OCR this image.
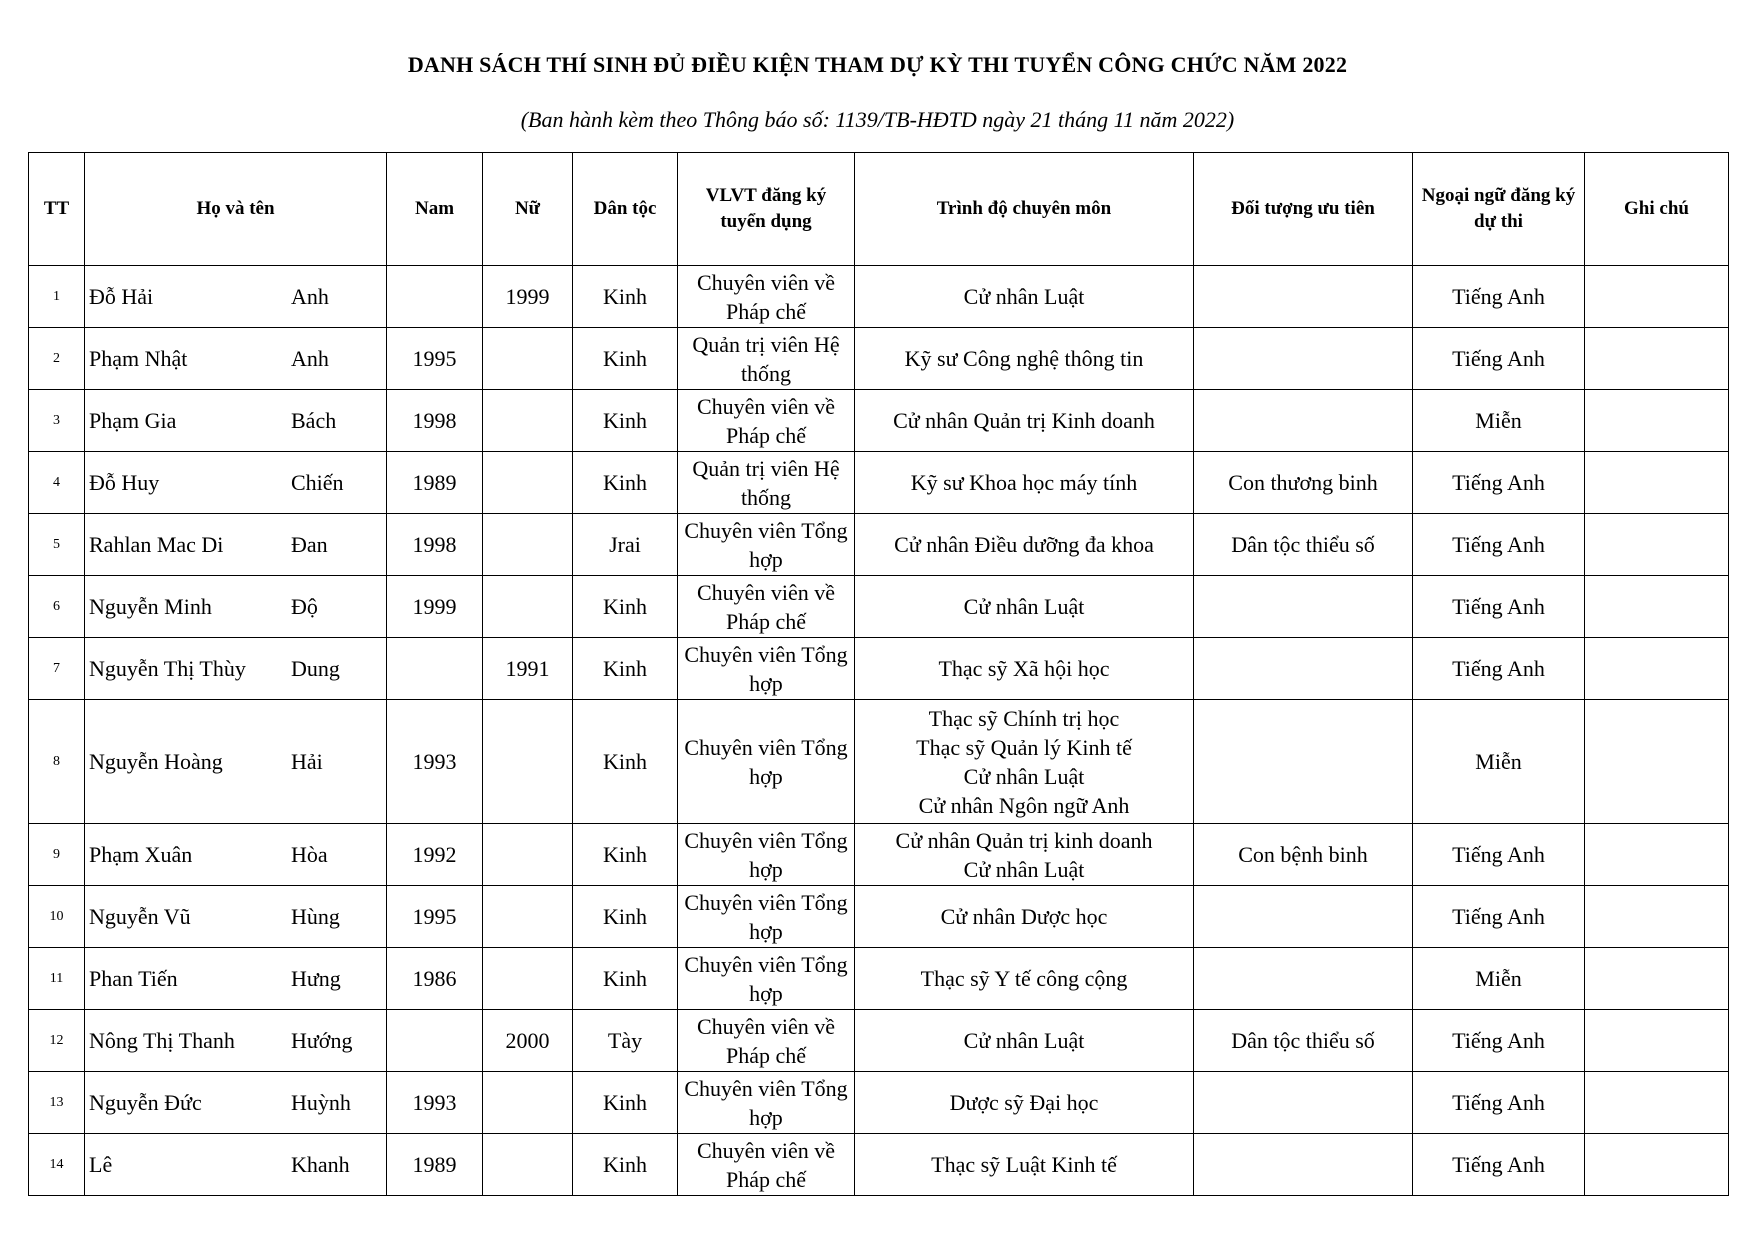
DANH SÁCH THÍ SINH ĐỦ ĐIỀU KIỆN THAM DỰ KỲ THI TUYỂN CÔNG CHỨC NĂM 2022
(Ban hành kèm theo Thông báo số: 1139/TB-HĐTD ngày 21 tháng 11 năm 2022)
TT	Họ và tên	Nam	Nữ	Dân tộc	VLVT đăng ký tuyển dụng	Trình độ chuyên môn	Đối tượng ưu tiên	Ngoại ngữ đăng ký dự thi	Ghi chú
1	Đỗ Hải Anh		1999	Kinh	Chuyên viên về Pháp chế	Cử nhân Luật		Tiếng Anh	
2	Phạm Nhật Anh	1995		Kinh	Quản trị viên Hệ thống	Kỹ sư Công nghệ thông tin		Tiếng Anh	
3	Phạm Gia Bách	1998		Kinh	Chuyên viên về Pháp chế	Cử nhân Quản trị Kinh doanh		Miễn	
4	Đỗ Huy Chiến	1989		Kinh	Quản trị viên Hệ thống	Kỹ sư Khoa học máy tính	Con thương binh	Tiếng Anh	
5	Rahlan Mac Di Đan	1998		Jrai	Chuyên viên Tổng hợp	Cử nhân Điều dưỡng đa khoa	Dân tộc thiểu số	Tiếng Anh	
6	Nguyễn Minh Độ	1999		Kinh	Chuyên viên về Pháp chế	Cử nhân Luật		Tiếng Anh	
7	Nguyễn Thị Thùy Dung		1991	Kinh	Chuyên viên Tổng hợp	Thạc sỹ Xã hội học		Tiếng Anh	
8	Nguyễn Hoàng Hải	1993		Kinh	Chuyên viên Tổng hợp	Thạc sỹ Chính trị học
Thạc sỹ Quản lý Kinh tế
Cử nhân Luật
Cử nhân Ngôn ngữ Anh		Miễn	
9	Phạm Xuân Hòa	1992		Kinh	Chuyên viên Tổng hợp	Cử nhân Quản trị kinh doanh
Cử nhân Luật	Con bệnh binh	Tiếng Anh	
10	Nguyễn Vũ Hùng	1995		Kinh	Chuyên viên Tổng hợp	Cử nhân Dược học		Tiếng Anh	
11	Phan Tiến Hưng	1986		Kinh	Chuyên viên Tổng hợp	Thạc sỹ Y tế công cộng		Miễn	
12	Nông Thị Thanh Hướng		2000	Tày	Chuyên viên về Pháp chế	Cử nhân Luật	Dân tộc thiểu số	Tiếng Anh	
13	Nguyễn Đức Huỳnh	1993		Kinh	Chuyên viên Tổng hợp	Dược sỹ Đại học		Tiếng Anh	
14	Lê Khanh	1989		Kinh	Chuyên viên về Pháp chế	Thạc sỹ Luật Kinh tế		Tiếng Anh	
